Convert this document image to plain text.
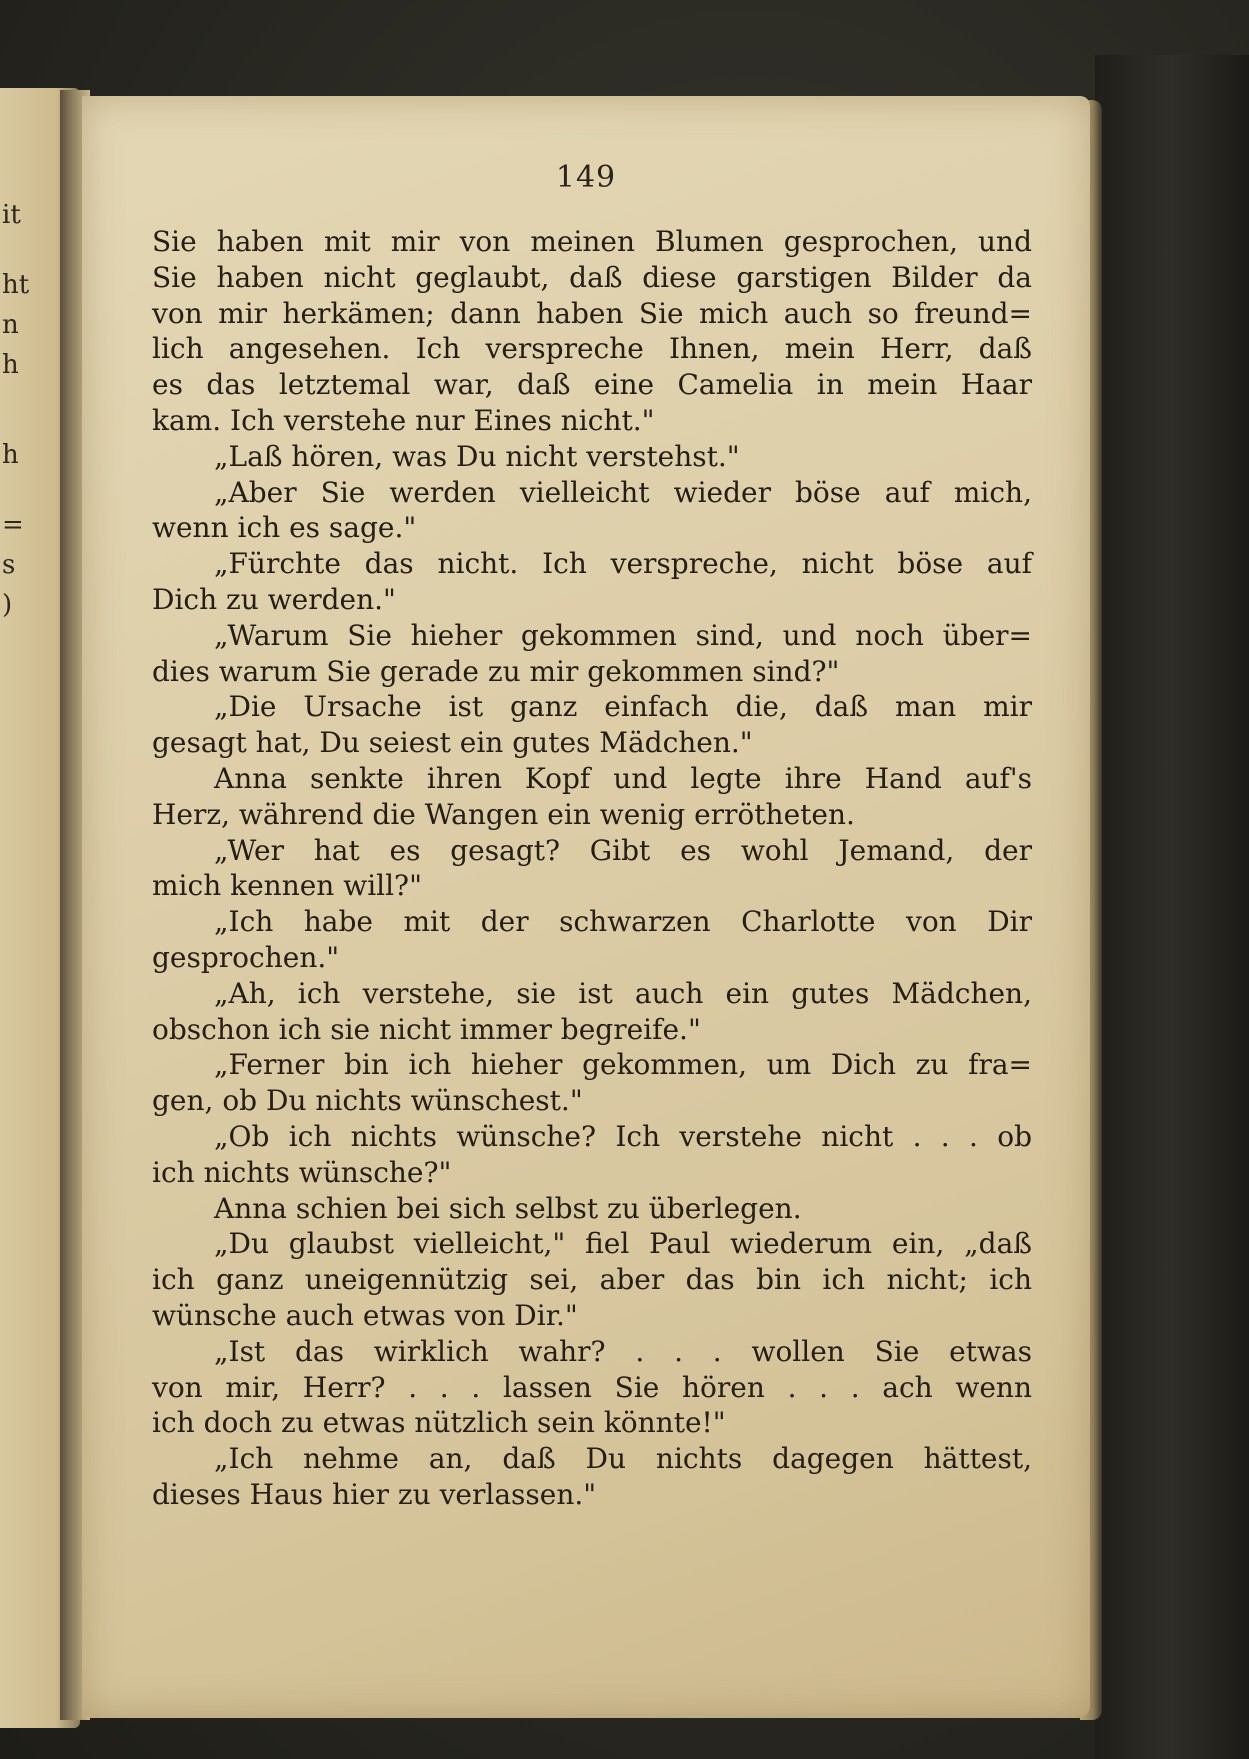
it
ht
n
h
h
=
s
)
149
Sie haben mit mir von meinen Blumen gesprochen, und
Sie haben nicht geglaubt, daß diese garstigen Bilder da
von mir herkämen; dann haben Sie mich auch so freund=
lich angesehen. Ich verspreche Ihnen, mein Herr, daß
es das letztemal war, daß eine Camelia in mein Haar
kam. Ich verstehe nur Eines nicht."
„Laß hören, was Du nicht verstehst."
„Aber Sie werden vielleicht wieder böse auf mich,
wenn ich es sage."
„Fürchte das nicht. Ich verspreche, nicht böse auf
Dich zu werden."
„Warum Sie hieher gekommen sind, und noch über=
dies warum Sie gerade zu mir gekommen sind?"
„Die Ursache ist ganz einfach die, daß man mir
gesagt hat, Du seiest ein gutes Mädchen."
Anna senkte ihren Kopf und legte ihre Hand auf's
Herz, während die Wangen ein wenig errötheten.
„Wer hat es gesagt? Gibt es wohl Jemand, der
mich kennen will?"
„Ich habe mit der schwarzen Charlotte von Dir
gesprochen."
„Ah, ich verstehe, sie ist auch ein gutes Mädchen,
obschon ich sie nicht immer begreife."
„Ferner bin ich hieher gekommen, um Dich zu fra=
gen, ob Du nichts wünschest."
„Ob ich nichts wünsche? Ich verstehe nicht . . . ob
ich nichts wünsche?"
Anna schien bei sich selbst zu überlegen.
„Du glaubst vielleicht," fiel Paul wiederum ein, „daß
ich ganz uneigennützig sei, aber das bin ich nicht; ich
wünsche auch etwas von Dir."
„Ist das wirklich wahr? . . . wollen Sie etwas
von mir, Herr? . . . lassen Sie hören . . . ach wenn
ich doch zu etwas nützlich sein könnte!"
„Ich nehme an, daß Du nichts dagegen hättest,
dieses Haus hier zu verlassen."
